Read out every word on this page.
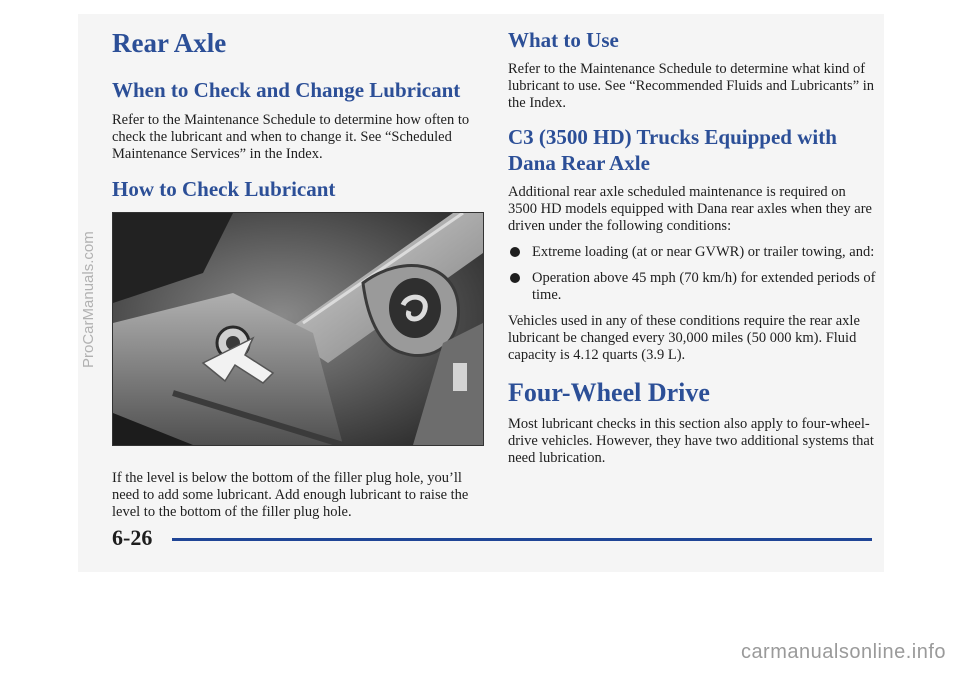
Rear Axle
When to Check and Change Lubricant

Refer to the Maintenance Schedule to determine how often to check the lubricant and when to change it. See “Scheduled Maintenance Services” in the Index.

How to Check Lubricant

If the level is below the bottom of the filler plug hole, you’ll need to add some lubricant. Add enough lubricant to raise the level to the bottom of the filler plug hole.

What to Use

Refer to the Maintenance Schedule to determine what kind of lubricant to use. See “Recommended Fluids and Lubricants” in the Index.

C3 (3500 HD) Trucks Equipped with Dana Rear Axle

Additional rear axle scheduled maintenance is required on 3500 HD models equipped with Dana rear axles when they are driven under the following conditions:

Extreme loading (at or near GVWR) or trailer towing, and:
Operation above 45 mph (70 km/h) for extended periods of time.

Vehicles used in any of these conditions require the rear axle lubricant be changed every 30,000 miles (50 000 km). Fluid capacity is 4.12 quarts (3.9 L).

Four-Wheel Drive

Most lubricant checks in this section also apply to four-wheel-drive vehicles. However, they have two additional systems that need lubrication.

6-26
ProCarManuals.com
carmanualsonline.info
